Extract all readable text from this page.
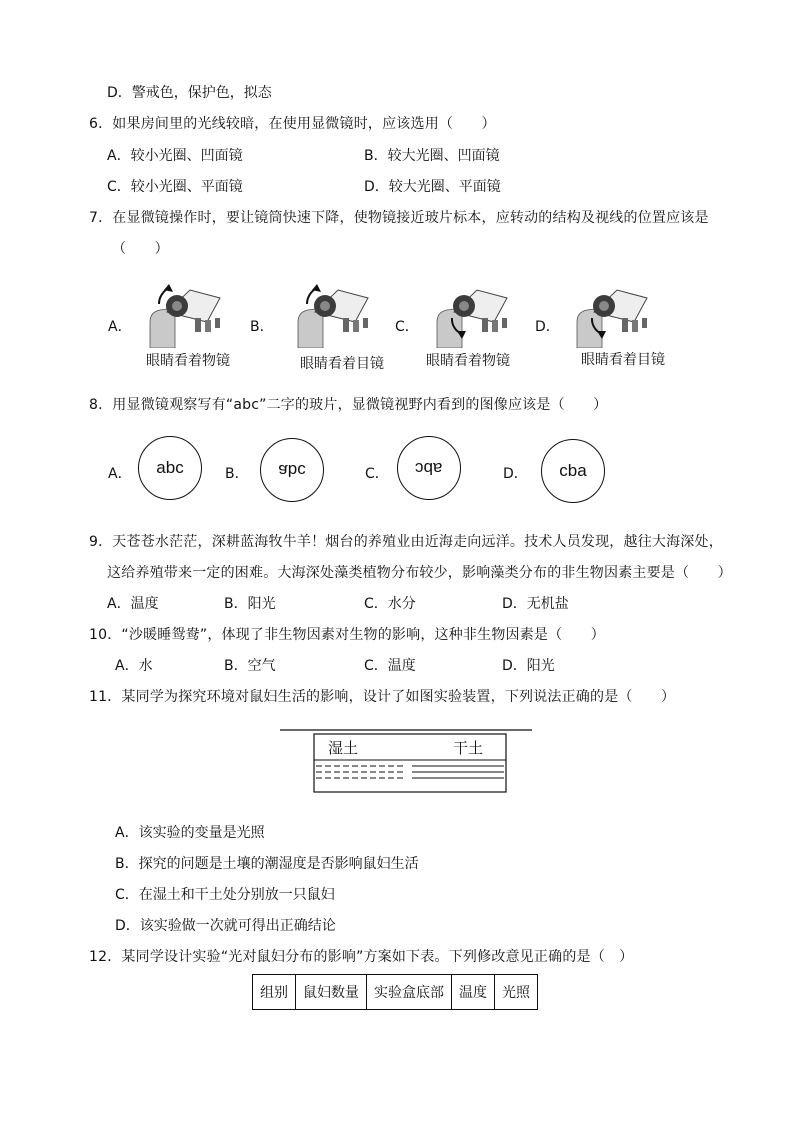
D．警戒色，保护色，拟态
6．如果房间里的光线较暗，在使用显微镜时，应该选用（　　）
A．较小光圈、凹面镜	B．较大光圈、凹面镜
C．较小光圈、平面镜	D．较大光圈、平面镜
7．在显微镜操作时，要让镜筒快速下降，使物镜接近玻片标本，应转动的结构及视线的位置应该是
（　　）
A．	B．	C．	D．
眼睛看着物镜	眼睛看着目镜	眼睛看着物镜	眼睛看着目镜
8．用显微镜观察写有“abc”二字的玻片，显微镜视野内看到的图像应该是（　　）
A．	B．	C．	D．
abc	abc	abc	cba
9．天苍苍水茫茫，深耕蓝海牧牛羊！烟台的养殖业由近海走向远洋。技术人员发现，越往大海深处，
这给养殖带来一定的困难。大海深处藻类植物分布较少，影响藻类分布的非生物因素主要是（　　）
A．温度	B．阳光	C．水分	D．无机盐
10．“沙暖睡鸳鸯”，体现了非生物因素对生物的影响，这种非生物因素是（　　）
A．水	B．空气	C．温度	D．阳光
11．某同学为探究环境对鼠妇生活的影响，设计了如图实验装置，下列说法正确的是（　　）
湿土	干土
A．该实验的变量是光照
B．探究的问题是土壤的潮湿度是否影响鼠妇生活
C．在湿土和干土处分别放一只鼠妇
D．该实验做一次就可得出正确结论
12．某同学设计实验“光对鼠妇分布的影响”方案如下表。下列修改意见正确的是（　）
组别	鼠妇数量	实验盒底部	温度	光照
